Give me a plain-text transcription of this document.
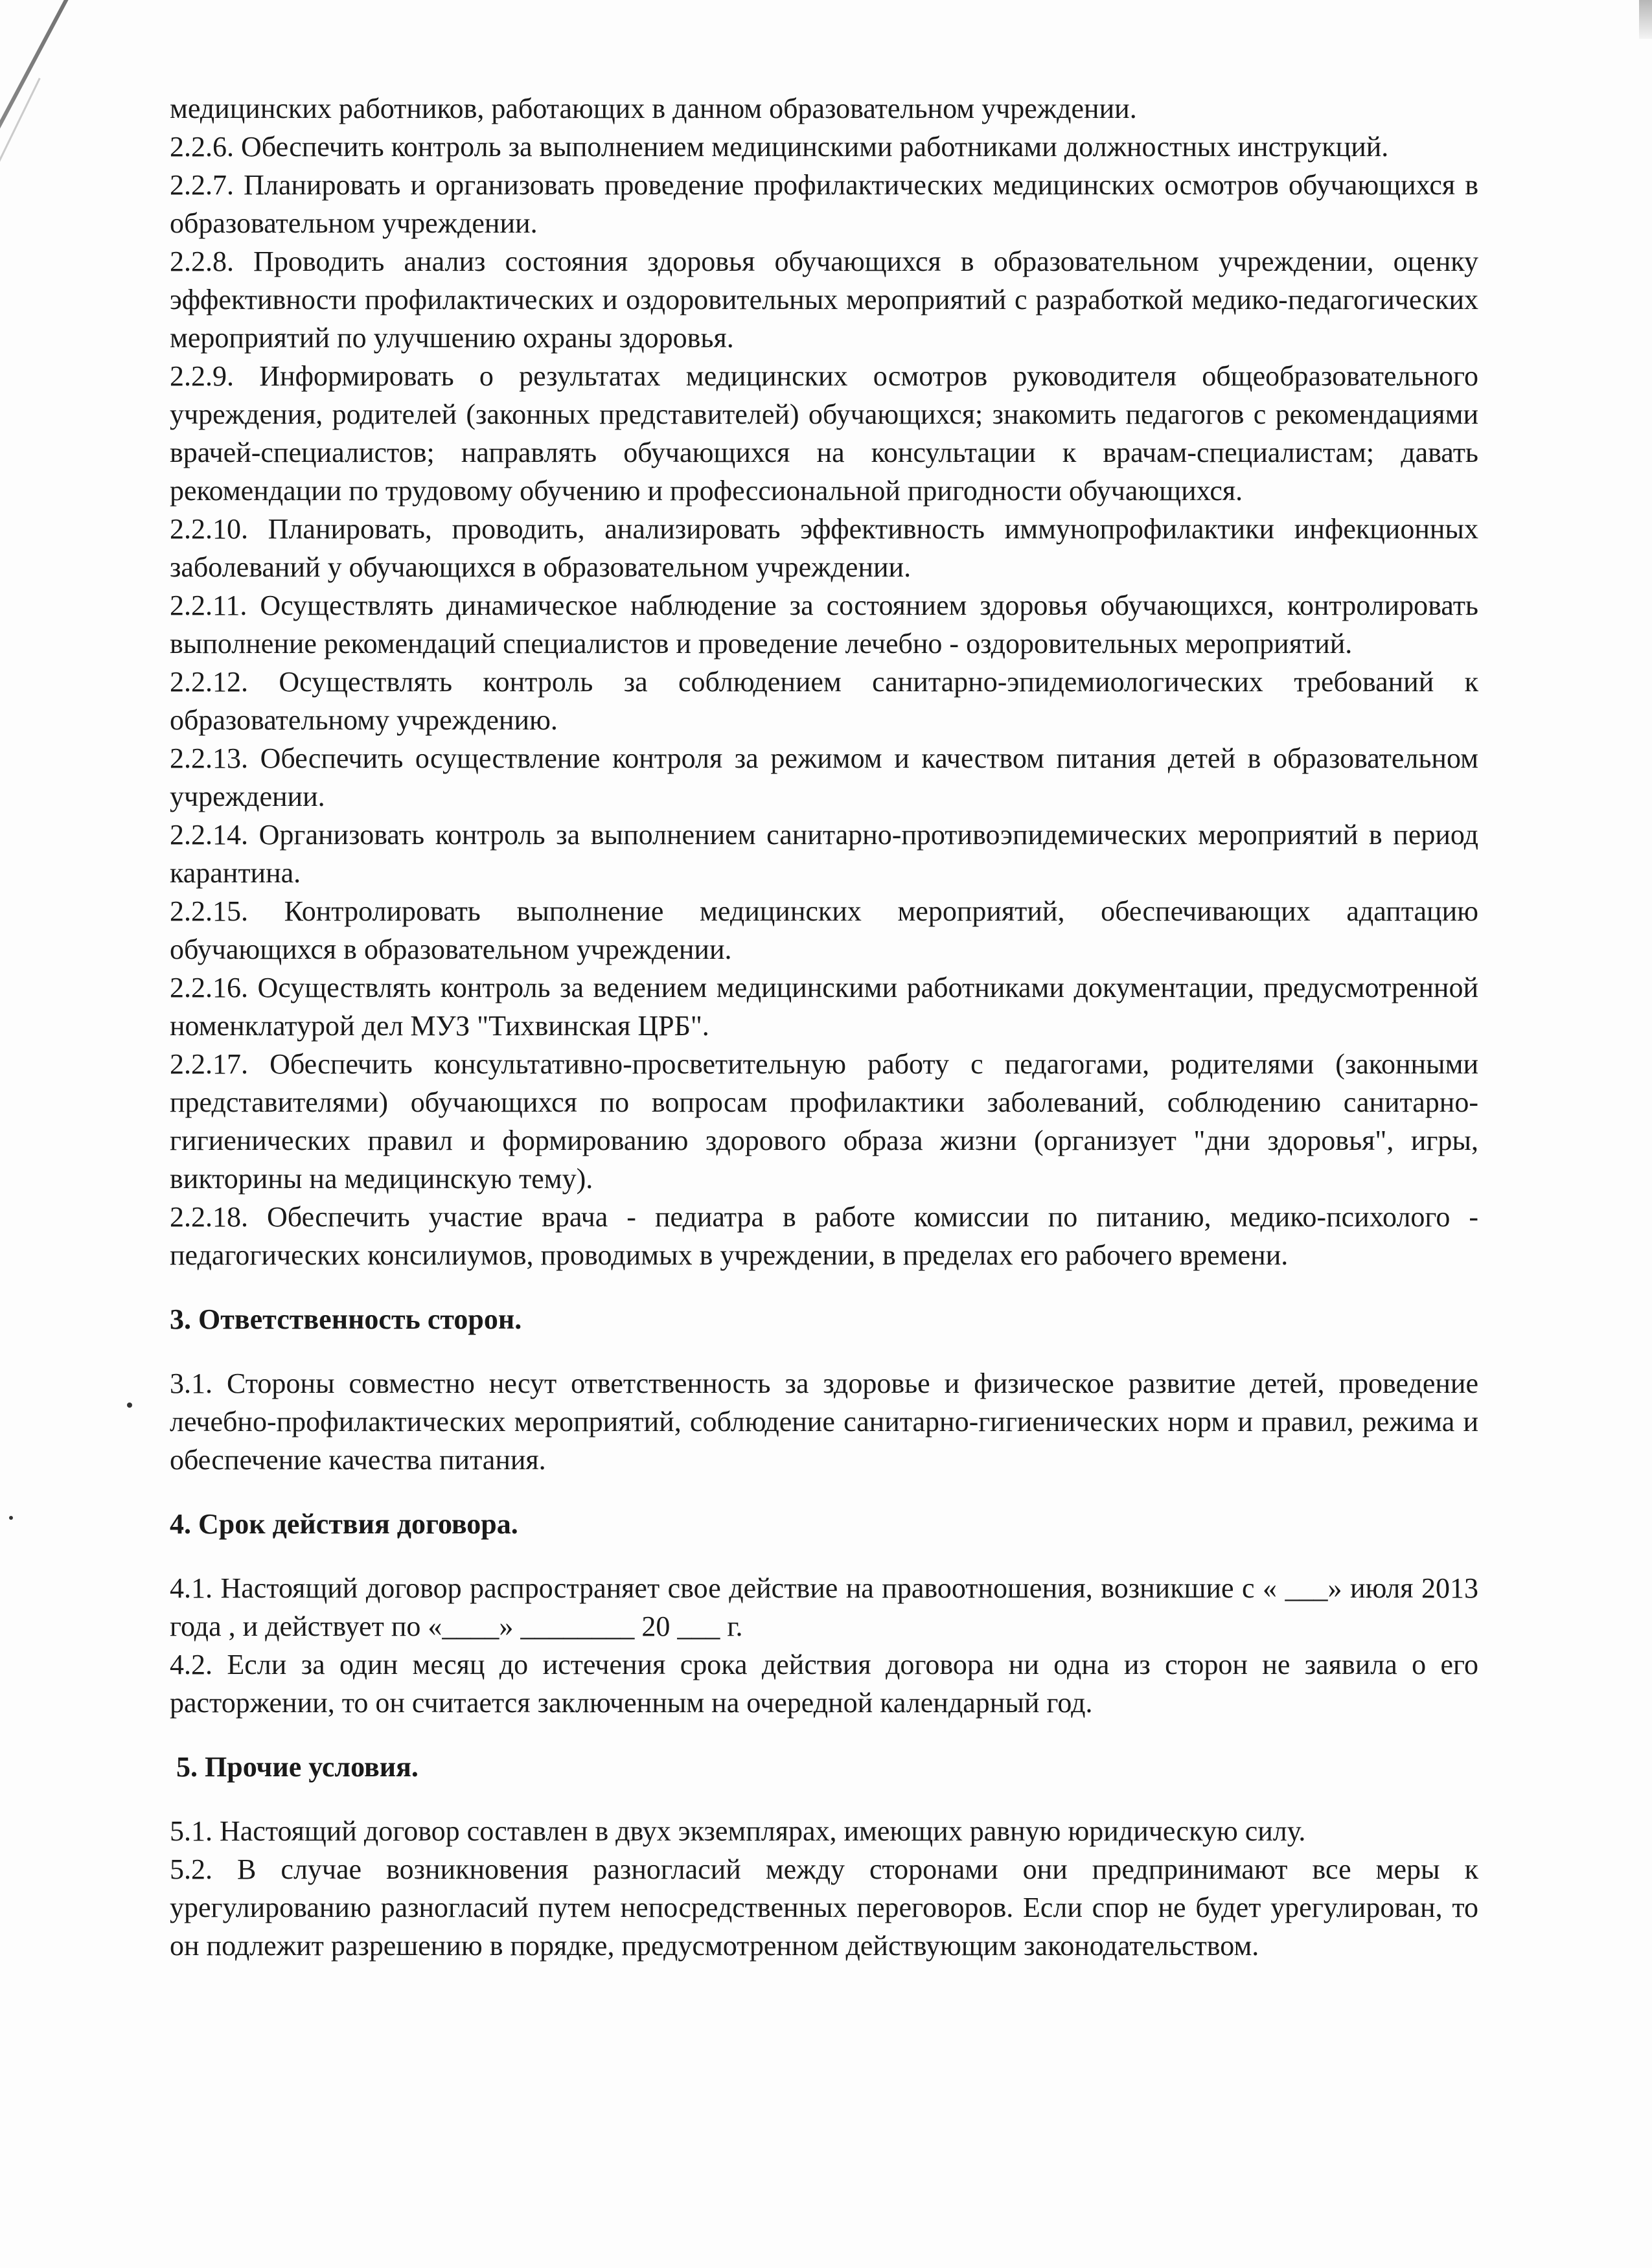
медицинских работников, работающих в данном образовательном учреждении.

2.2.6. Обеспечить контроль за выполнением медицинскими работниками должностных инструкций.

2.2.7. Планировать и организовать проведение профилактических медицинских осмотров обучающихся в образовательном учреждении.

2.2.8. Проводить анализ состояния здоровья обучающихся в образовательном учреждении, оценку эффективности профилактических и оздоровительных мероприятий с разработкой медико-педагогических мероприятий по улучшению охраны здоровья.

2.2.9. Информировать о результатах медицинских осмотров руководителя общеобразовательного учреждения, родителей (законных представителей) обучающихся; знакомить педагогов с рекомендациями врачей-специалистов; направлять обучающихся на консультации к врачам-специалистам; давать рекомендации по трудовому обучению и профессиональной пригодности обучающихся.

2.2.10. Планировать, проводить, анализировать эффективность иммунопрофилактики инфекционных заболеваний у обучающихся в образовательном учреждении.

2.2.11. Осуществлять динамическое наблюдение за состоянием здоровья обучающихся, контролировать выполнение рекомендаций специалистов и проведение лечебно - оздоровительных мероприятий.

2.2.12. Осуществлять контроль за соблюдением санитарно-эпидемиологических требований к образовательному учреждению.

2.2.13. Обеспечить осуществление контроля за режимом и качеством питания детей в образовательном учреждении.

2.2.14. Организовать контроль за выполнением санитарно-противоэпидемических мероприятий в период карантина.

2.2.15. Контролировать выполнение медицинских мероприятий, обеспечивающих адаптацию обучающихся в образовательном учреждении.

2.2.16. Осуществлять контроль за ведением медицинскими работниками документации, предусмотренной номенклатурой дел МУЗ "Тихвинская ЦРБ".

2.2.17. Обеспечить консультативно-просветительную работу с педагогами, родителями (законными представителями) обучающихся по вопросам профилактики заболеваний, соблюдению санитарно-гигиенических правил и формированию здорового образа жизни (организует "дни здоровья", игры, викторины на медицинскую тему).

2.2.18. Обеспечить участие врача - педиатра в работе комиссии по питанию, медико-психолого - педагогических консилиумов, проводимых в учреждении, в пределах его рабочего времени.

3. Ответственность сторон.

3.1. Стороны совместно несут ответственность за здоровье и физическое развитие детей, проведение лечебно-профилактических мероприятий, соблюдение санитарно-гигиенических норм и правил, режима и обеспечение качества питания.

4. Срок действия договора.

4.1. Настоящий договор распространяет свое действие на правоотношения, возникшие с « ___» июля 2013 года , и действует по «____» ________ 20 ___ г.

4.2. Если за один месяц до истечения срока действия договора ни одна из сторон не заявила о его расторжении, то он считается заключенным на очередной календарный год.

5. Прочие условия.

5.1. Настоящий договор составлен в двух экземплярах, имеющих равную юридическую силу.

5.2. В случае возникновения разногласий между сторонами они предпринимают все меры к урегулированию разногласий путем непосредственных переговоров. Если спор не будет урегулирован, то он подлежит разрешению в порядке, предусмотренном действующим законодательством.
